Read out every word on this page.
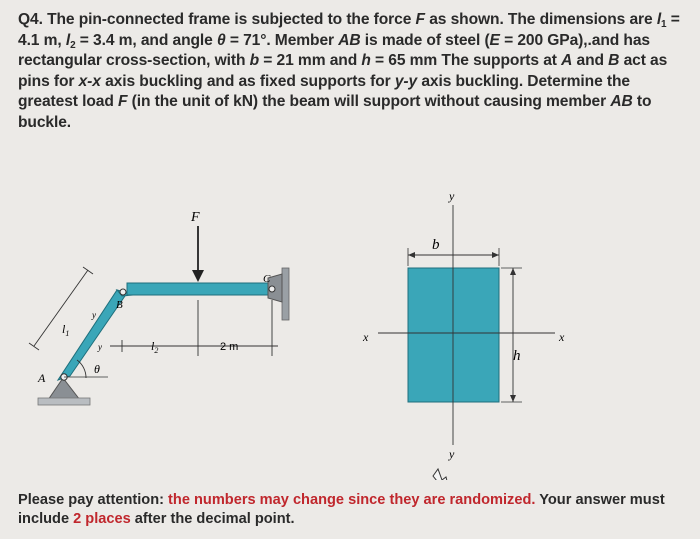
Q4. The pin-connected frame is subjected to the force F as shown. The dimensions are $l_1 = 4.1$ m, $l_2 = 3.4$ m, and angle θ = 71°. Member AB is made of steel (E = 200 GPa),.and has rectangular cross-section, with b = 21 mm and h = 65 mm The supports at A and B act as pins for x-x axis buckling and as fixed supports for y-y axis buckling. Determine the greatest load F (in the unit of kN) the beam will support without causing member AB to buckle.

F
B
C
A
θ
$l_1$
$l_2$
y
y	2 m
y
y
x	x
b
h

Please pay attention: the numbers may change since they are randomized. Your answer must include 2 places after the decimal point.
